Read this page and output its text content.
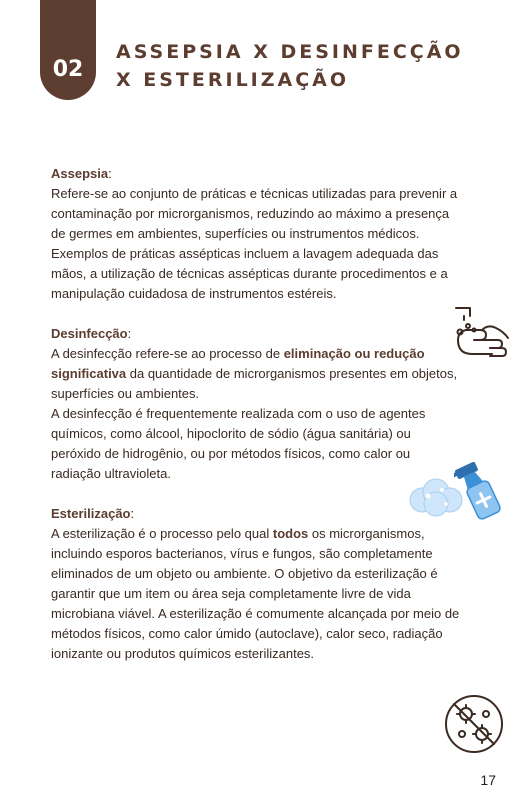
02
ASSEPSIA X DESINFECÇÃO
X ESTERILIZAÇÃO

Assepsia:
Refere-se ao conjunto de práticas e técnicas utilizadas para prevenir a contaminação por microrganismos, reduzindo ao máximo a presença de germes em ambientes, superfícies ou instrumentos médicos. Exemplos de práticas assépticas incluem a lavagem adequada das mãos, a utilização de técnicas assépticas durante procedimentos e a manipulação cuidadosa de instrumentos estéreis.

Desinfecção:
A desinfecção refere-se ao processo de eliminação ou redução significativa da quantidade de microrganismos presentes em objetos, superfícies ou ambientes.
A desinfecção é frequentemente realizada com o uso de agentes químicos, como álcool, hipoclorito de sódio (água sanitária) ou peróxido de hidrogênio, ou por métodos físicos, como calor ou radiação ultravioleta.

Esterilização:
A esterilização é o processo pelo qual todos os microrganismos, incluindo esporos bacterianos, vírus e fungos, são completamente eliminados de um objeto ou ambiente. O objetivo da esterilização é garantir que um item ou área seja completamente livre de vida microbiana viável. A esterilização é comumente alcançada por meio de métodos físicos, como calor úmido (autoclave), calor seco, radiação ionizante ou produtos químicos esterilizantes.

17
